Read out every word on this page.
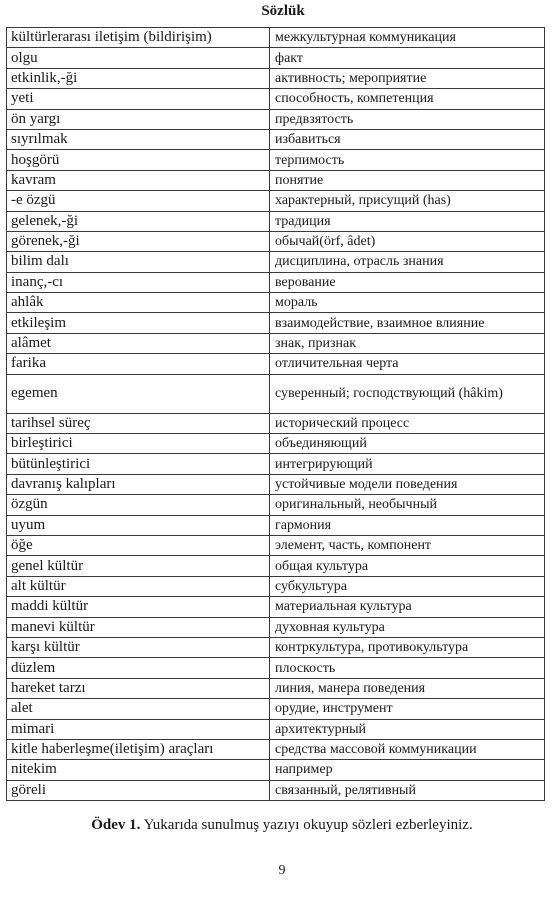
Sözlük
kültürlerarası iletişim (bildirişim)	межкультурная коммуникация
olgu	факт
etkinlik,-ği	активность; мероприятие
yeti	способность, компетенция
ön yargı	предвзятость
sıyrılmak	избавиться
hoşgörü	терпимость
kavram	понятие
-e özgü	характерный, присущий (has)
gelenek,-ği	традиция
görenek,-ği	обычай(örf, âdet)
bilim dalı	дисциплина, отрасль знания
inanç,-cı	верование
ahlâk	мораль
etkileşim	взаимодействие, взаимное влияние
alâmet	знак, признак
farika	отличительная черта
egemen	суверенный; господствующий (hâkim)
tarihsel süreç	исторический процесс
birleştirici	объединяющий
bütünleştirici	интегрирующий
davranış kalıpları	устойчивые модели поведения
özgün	оригинальный, необычный
uyum	гармония
öğe	элемент, часть, компонент
genel kültür	общая культура
alt kültür	субкультура
maddi kültür	материальная культура
manevi kültür	духовная культура
karşı kültür	контркультура, противокультура
düzlem	плоскость
hareket tarzı	линия, манера поведения
alet	орудие, инструмент
mimari	архитектурный
kitle haberleşme(iletişim) araçları	средства массовой коммуникации
nitekim	например
göreli	связанный, релятивный
Ödev 1. Yukarıda sunulmuş yazıyı okuyup sözleri ezberleyiniz.
9
